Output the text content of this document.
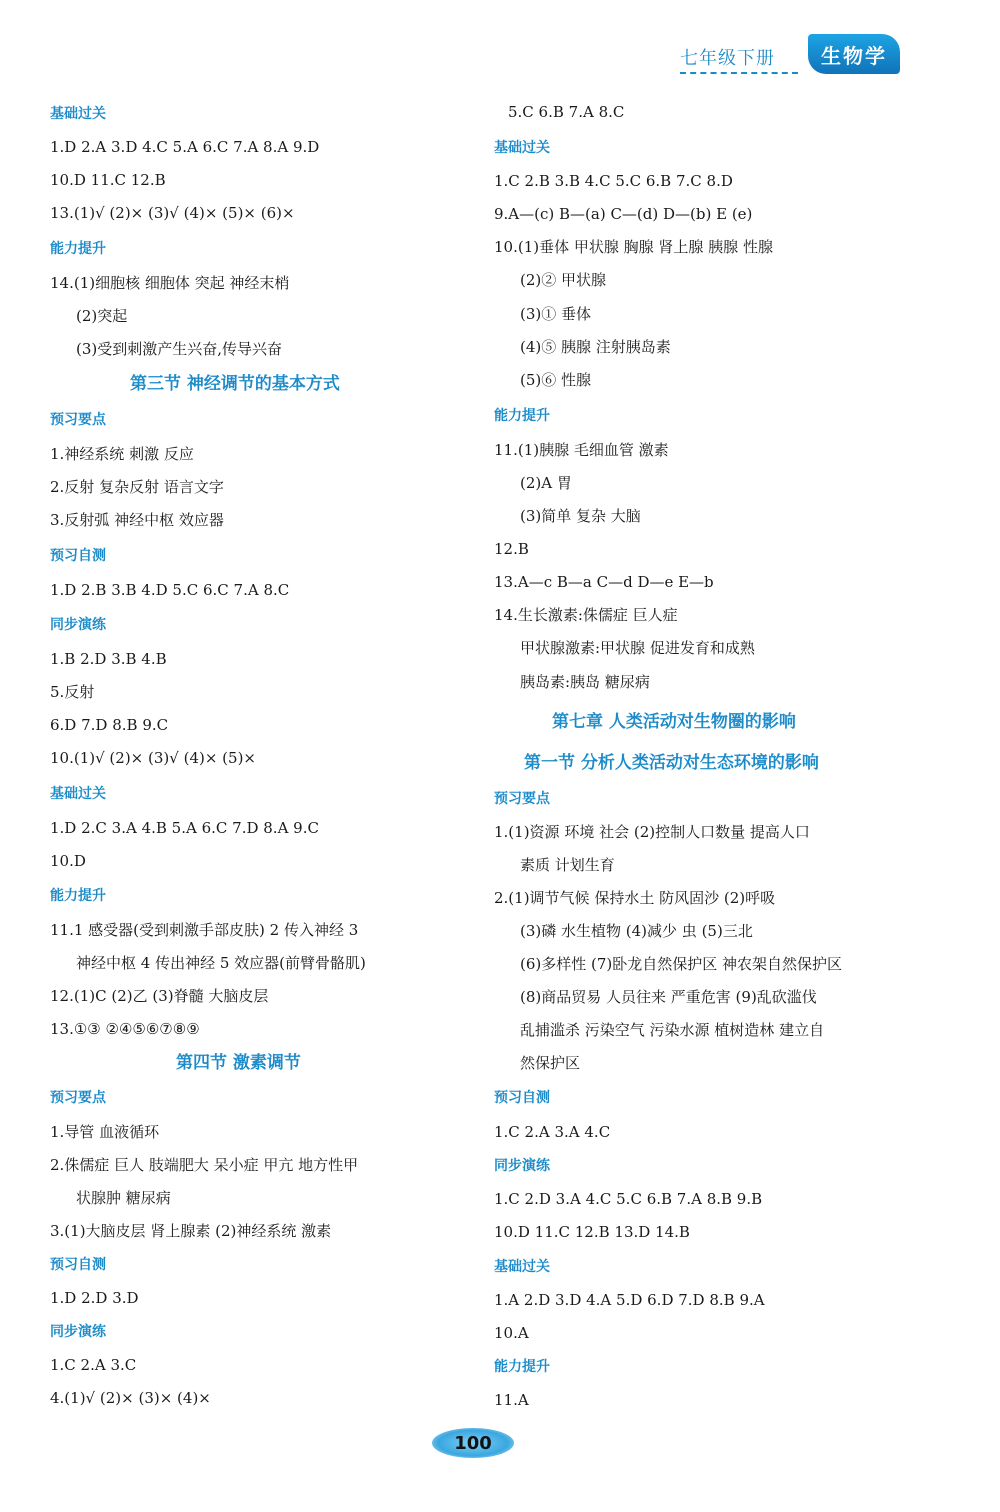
七年级下册	生物学
基础过关
1.D 2.A 3.D 4.C 5.A 6.C 7.A 8.A 9.D
10.D 11.C 12.B
13.(1)√ (2)× (3)√ (4)× (5)× (6)×
能力提升
14.(1)细胞核 细胞体 突起 神经末梢
(2)突起
(3)受到刺激产生兴奋,传导兴奋
第三节 神经调节的基本方式
预习要点
1.神经系统 刺激 反应
2.反射 复杂反射 语言文字
3.反射弧 神经中枢 效应器
预习自测
1.D 2.B 3.B 4.D 5.C 6.C 7.A 8.C
同步演练
1.B 2.D 3.B 4.B
5.反射
6.D 7.D 8.B 9.C
10.(1)√ (2)× (3)√ (4)× (5)×
基础过关
1.D 2.C 3.A 4.B 5.A 6.C 7.D 8.A 9.C
10.D
能力提升
11.1 感受器(受到刺激手部皮肤) 2 传入神经 3
神经中枢 4 传出神经 5 效应器(前臂骨骼肌)
12.(1)C (2)乙 (3)脊髓 大脑皮层
13.①③ ②④⑤⑥⑦⑧⑨
第四节 激素调节
预习要点
1.导管 血液循环
2.侏儒症 巨人 肢端肥大 呆小症 甲亢 地方性甲
状腺肿 糖尿病
3.(1)大脑皮层 肾上腺素 (2)神经系统 激素
预习自测
1.D 2.D 3.D
同步演练
1.C 2.A 3.C
4.(1)√ (2)× (3)× (4)×
5.C 6.B 7.A 8.C
基础过关
1.C 2.B 3.B 4.C 5.C 6.B 7.C 8.D
9.A—(c) B—(a) C—(d) D—(b) E (e)
10.(1)垂体 甲状腺 胸腺 肾上腺 胰腺 性腺
(2)② 甲状腺
(3)① 垂体
(4)⑤ 胰腺 注射胰岛素
(5)⑥ 性腺
能力提升
11.(1)胰腺 毛细血管 激素
(2)A 胃
(3)简单 复杂 大脑
12.B
13.A—c B—a C—d D—e E—b
14.生长激素:侏儒症 巨人症
甲状腺激素:甲状腺 促进发育和成熟
胰岛素:胰岛 糖尿病
第七章 人类活动对生物圈的影响
第一节 分析人类活动对生态环境的影响
预习要点
1.(1)资源 环境 社会 (2)控制人口数量 提高人口
素质 计划生育
2.(1)调节气候 保持水土 防风固沙 (2)呼吸
(3)磷 水生植物 (4)减少 虫 (5)三北
(6)多样性 (7)卧龙自然保护区 神农架自然保护区
(8)商品贸易 人员往来 严重危害 (9)乱砍滥伐
乱捕滥杀 污染空气 污染水源 植树造林 建立自
然保护区
预习自测
1.C 2.A 3.A 4.C
同步演练
1.C 2.D 3.A 4.C 5.C 6.B 7.A 8.B 9.B
10.D 11.C 12.B 13.D 14.B
基础过关
1.A 2.D 3.D 4.A 5.D 6.D 7.D 8.B 9.A
10.A
能力提升
11.A
100
